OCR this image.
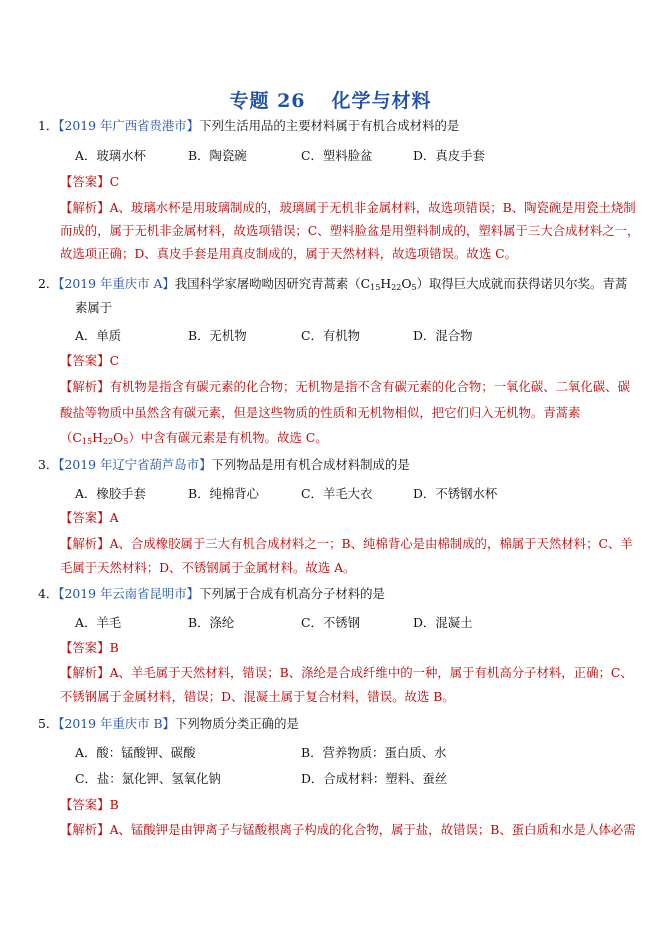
专题 26 化学与材料
1．【2019 年广西省贵港市】下列生活用品的主要材料属于有机合成材料的是
A．玻璃水杯	B．陶瓷碗	C．塑料脸盆	D．真皮手套
【答案】C
【解析】A、玻璃水杯是用玻璃制成的，玻璃属于无机非金属材料，故选项错误；B、陶瓷碗是用瓷土烧制
而成的，属于无机非金属材料，故选项错误；C、塑料脸盆是用塑料制成的，塑料属于三大合成材料之一，
故选项正确；D、真皮手套是用真皮制成的，属于天然材料，故选项错误。故选 C。
2．【2019 年重庆市 A】我国科学家屠呦呦因研究青蒿素$(C_{15}H_{22}O_5)$取得巨大成就而获得诺贝尔奖。青蒿
素属于
A．单质	B．无机物	C．有机物	D．混合物
【答案】C
【解析】有机物是指含有碳元素的化合物；无机物是指不含有碳元素的化合物；一氧化碳、二氧化碳、碳
酸盐等物质中虽然含有碳元素，但是这些物质的性质和无机物相似，把它们归入无机物。青蒿素
$(C_{15}H_{22}O_5)$中含有碳元素是有机物。故选 C。
3．【2019 年辽宁省葫芦岛市】下列物品是用有机合成材料制成的是
A．橡胶手套	B．纯棉背心	C．羊毛大衣	D．不锈钢水杯
【答案】A
【解析】A、合成橡胶属于三大有机合成材料之一；B、纯棉背心是由棉制成的，棉属于天然材料；C、羊
毛属于天然材料；D、不锈钢属于金属材料。故选 A。
4．【2019 年云南省昆明市】下列属于合成有机高分子材料的是
A．羊毛	B．涤纶	C．不锈钢	D．混凝土
【答案】B
【解析】A、羊毛属于天然材料，错误；B、涤纶是合成纤维中的一种，属于有机高分子材料，正确；C、
不锈钢属于金属材料，错误；D、混凝土属于复合材料，错误。故选 B。
5．【2019 年重庆市 B】下列物质分类正确的是
A．酸：锰酸钾、碳酸	B．营养物质：蛋白质、水
C．盐：氯化钾、氢氧化钠	D．合成材料：塑料、蚕丝
【答案】B
【解析】A、锰酸钾是由钾离子与锰酸根离子构成的化合物，属于盐，故错误；B、蛋白质和水是人体必需
